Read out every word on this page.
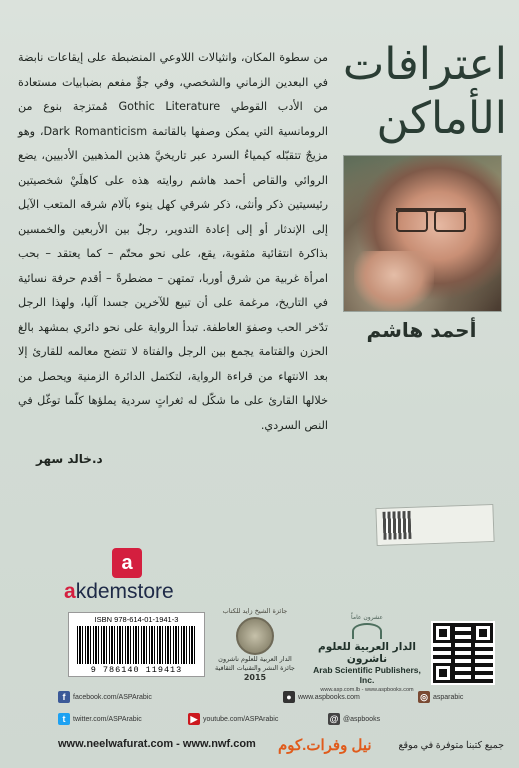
اعترافات الأماكن
أحمد هاشم

من سطوة المكان، وانثيالات اللاوعي المنضبطة على إيقاعات نابضة في البعدين الزماني والشخصي، وفي جوٍّ مفعم بضبابيات مستعادة من الأدب القوطي Gothic Literature مُمتزجة بنوع من الرومانسية التي يمكن وصفها بالقاتمة Dark Romanticism، وهو مزيجٌ تتقبّله كيمياءُ السرد عبر تاريخيَّ هذين المذهبين الأدبيين، يضع الروائي والقاص أحمد هاشم روايته هذه على كاهلَيْ شخصيتين رئيسيتين ذكر وأنثى، ذكر شرقي كهل ينوء بآلام شرقه المتعب الآيل إلى الإندثار أو إلى إعادة التدوير، رجلٌ بين الأربعين والخمسين بذاكرة انتقائية مثقوبة، يقع، على نحو محتّم – كما يعتقد – بحب امرأة غربية من شرق أوربا، تمتهن – مضطرةً – أقدم حرفة نسائية في التاريخ، مرغمة على أن تبيع للآخرين جسدا آليا، ولهذا الرجل تدّخر الحب وصفوَ العاطفة. تبدأ الرواية على نحو دائري بمشهد بالغ الحزن والقتامة يجمع بين الرجل والفتاة لا تتضح معالمه للقارئ إلا بعد الانتهاء من قراءة الرواية، لتكتمل الدائرة الزمنية ويحصل من خلالها القارئ على ما شكّل له ثغراتٍ سردية يملؤها كلّما توغّل في النص السردي.

د.خالد سهر
a
akdemstore
ISBN 978-614-01-1941-3
9 786140 119413
جائزة الشيخ زايد للكتاب
الدار العربية للعلوم ناشرون
جائزة النشر والتقنيات الثقافية
2015
عشرون عاماً
الدار العربية للعلوم ناشرون
Arab Scientific Publishers, Inc.
www.asp.com.lb - www.aspbooks.com
f facebook.com/ASPArabic	● www.aspbooks.com	◎ asparabic
t twitter.com/ASPArabic	▶ youtube.com/ASPArabic	@ @aspbooks
www.neelwafurat.com - www.nwf.com نيل وفرات.كوم	جميع كتبنا متوفرة في موقع
